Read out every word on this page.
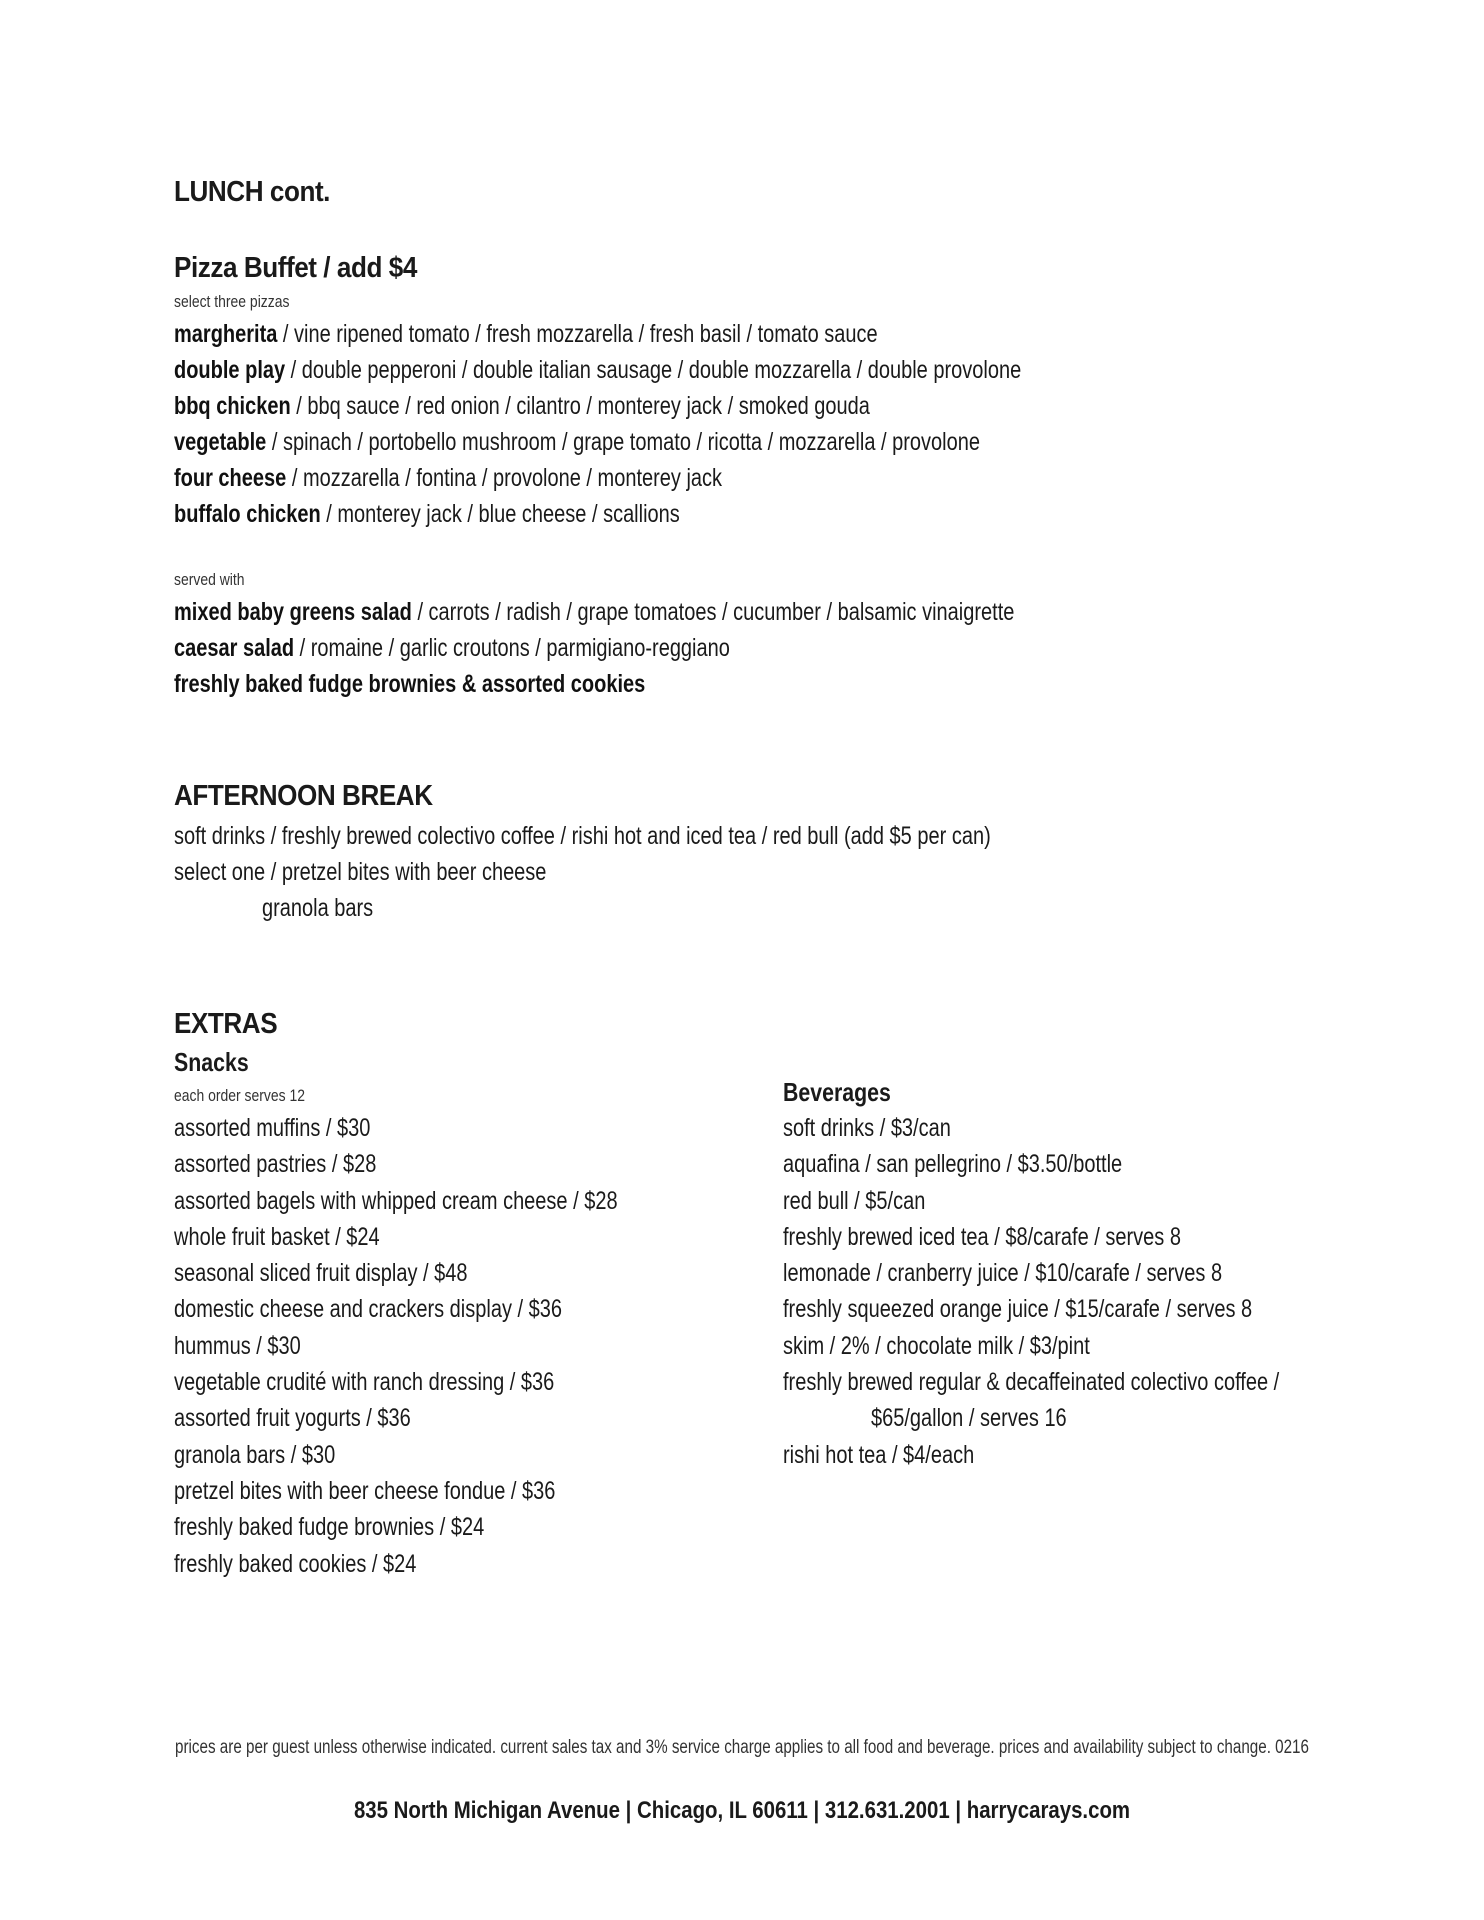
LUNCH cont.
Pizza Buffet / add $4
select three pizzas
margherita / vine ripened tomato / fresh mozzarella / fresh basil / tomato sauce
double play / double pepperoni / double italian sausage / double mozzarella / double provolone
bbq chicken / bbq sauce / red onion / cilantro / monterey jack / smoked gouda
vegetable / spinach / portobello mushroom / grape tomato / ricotta / mozzarella / provolone
four cheese / mozzarella / fontina / provolone / monterey jack
buffalo chicken / monterey jack / blue cheese / scallions
served with
mixed baby greens salad / carrots / radish / grape tomatoes / cucumber / balsamic vinaigrette
caesar salad / romaine / garlic croutons / parmigiano-reggiano
freshly baked fudge brownies & assorted cookies
AFTERNOON BREAK
soft drinks / freshly brewed colectivo coffee / rishi hot and iced tea / red bull (add $5 per can)
select one / pretzel bites with beer cheese
granola bars
EXTRAS
Snacks
each order serves 12
assorted muffins / $30
assorted pastries / $28
assorted bagels with whipped cream cheese / $28
whole fruit basket / $24
seasonal sliced fruit display / $48
domestic cheese and crackers display / $36
hummus / $30
vegetable crudité with ranch dressing / $36
assorted fruit yogurts / $36
granola bars / $30
pretzel bites with beer cheese fondue / $36
freshly baked fudge brownies / $24
freshly baked cookies / $24
Beverages
soft drinks / $3/can
aquafina / san pellegrino / $3.50/bottle
red bull / $5/can
freshly brewed iced tea / $8/carafe / serves 8
lemonade / cranberry juice / $10/carafe / serves 8
freshly squeezed orange juice / $15/carafe / serves 8
skim / 2% / chocolate milk / $3/pint
freshly brewed regular & decaffeinated colectivo coffee /
$65/gallon / serves 16
rishi hot tea / $4/each
prices are per guest unless otherwise indicated. current sales tax and 3% service charge applies to all food and beverage. prices and availability subject to change. 0216
835 North Michigan Avenue | Chicago, IL 60611 | 312.631.2001 | harrycarays.com
